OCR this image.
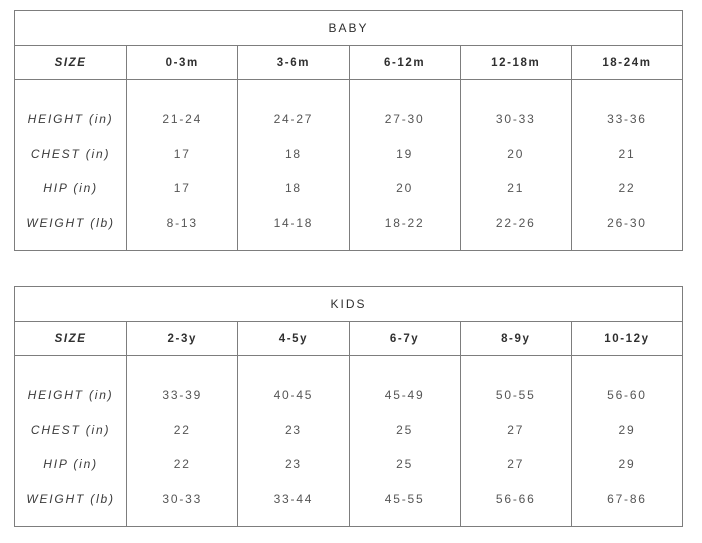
BABY
SIZE
HEIGHT (in)
CHEST (in)
HIP (in)
WEIGHT (lb)
0-3m
21-24
17
17
8-13
3-6m
24-27
18
18
14-18
6-12m
27-30
19
20
18-22
12-18m
30-33
20
21
22-26
18-24m
33-36
21
22
26-30
KIDS
SIZE
HEIGHT (in)
CHEST (in)
HIP (in)
WEIGHT (lb)
2-3y
33-39
22
22
30-33
4-5y
40-45
23
23
33-44
6-7y
45-49
25
25
45-55
8-9y
50-55
27
27
56-66
10-12y
56-60
29
29
67-86
